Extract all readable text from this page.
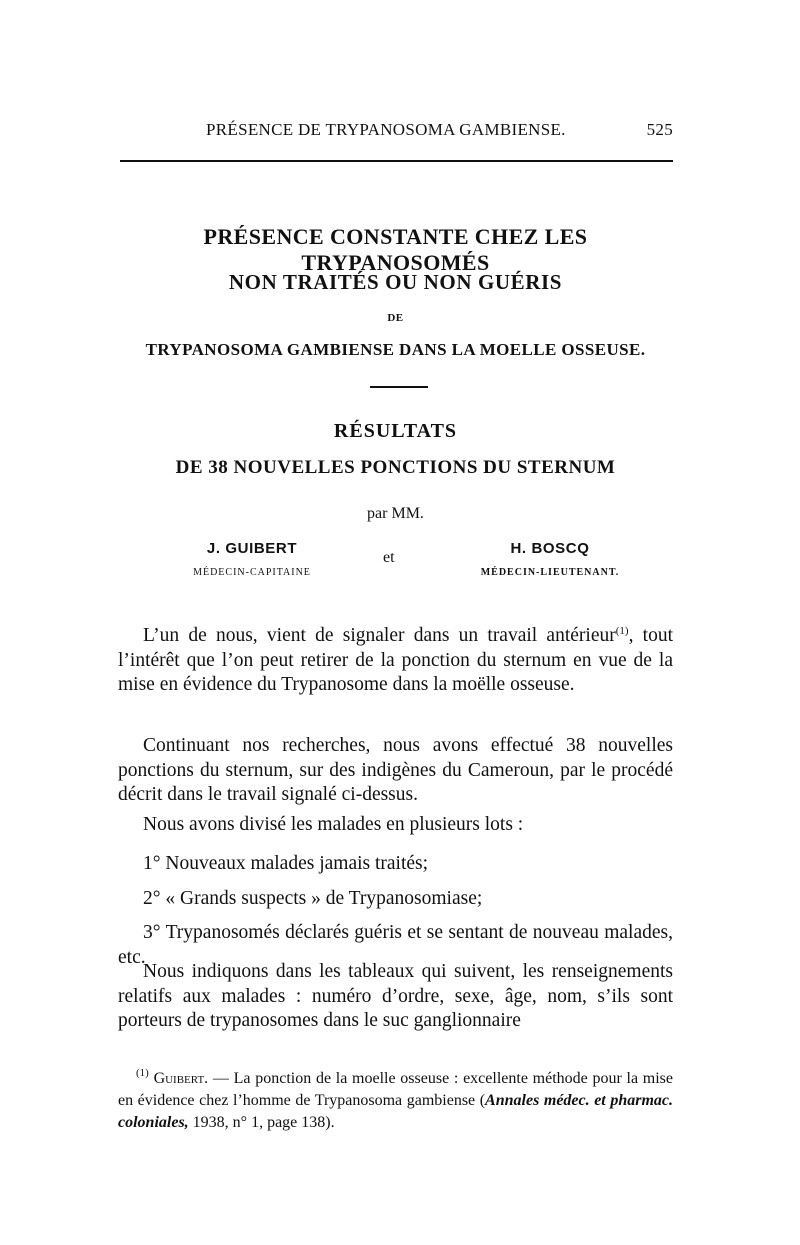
PRÉSENCE DE TRYPANOSOMA GAMBIENSE.	525
PRÉSENCE CONSTANTE CHEZ LES TRYPANOSOMÉS
NON TRAITÉS OU NON GUÉRIS
DE
TRYPANOSOMA GAMBIENSE DANS LA MOELLE OSSEUSE.
RÉSULTATS
DE 38 NOUVELLES PONCTIONS DU STERNUM
par MM.
J. GUIBERT
MÉDECIN-CAPITAINE
et
H. BOSCQ
MÉDECIN-LIEUTENANT.

L’un de nous, vient de signaler dans un travail antérieur$^{(1)}$, tout l’intérêt que l’on peut retirer de la ponction du sternum en vue de la mise en évidence du Trypanosome dans la moëlle osseuse.

Continuant nos recherches, nous avons effectué 38 nouvelles ponctions du sternum, sur des indigènes du Cameroun, par le procédé décrit dans le travail signalé ci-dessus.

Nous avons divisé les malades en plusieurs lots :

1° Nouveaux malades jamais traités;

2° « Grands suspects » de Trypanosomiase;

3° Trypanosomés déclarés guéris et se sentant de nouveau malades, etc.

Nous indiquons dans les tableaux qui suivent, les renseignements relatifs aux malades : numéro d’ordre, sexe, âge, nom, s’ils sont porteurs de trypanosomes dans le suc ganglionnaire

$^{(1)}$ Guibert. — La ponction de la moelle osseuse : excellente méthode pour la mise en évidence chez l’homme de Trypanosoma gambiense (Annales médec. et pharmac. coloniales, 1938, n° 1, page 138).
